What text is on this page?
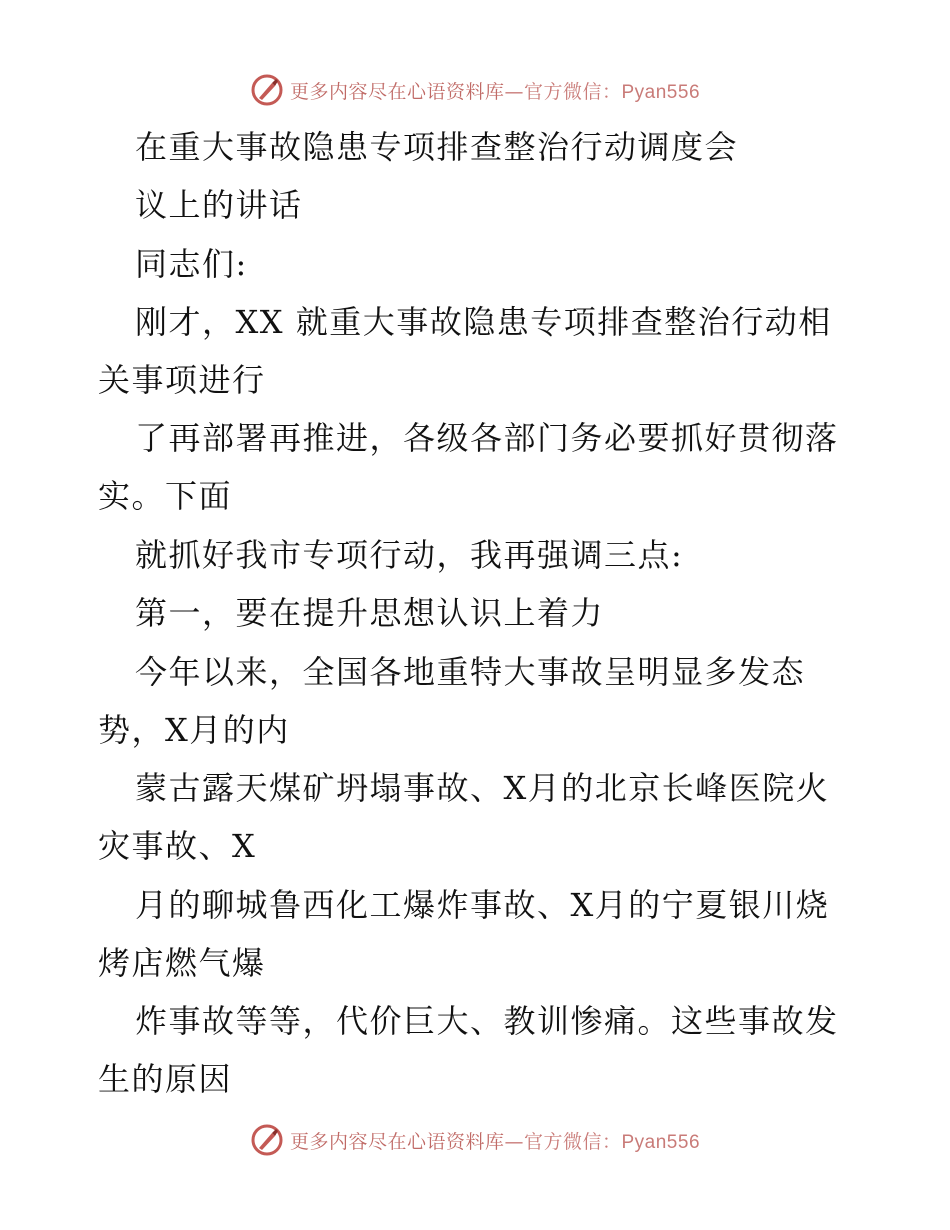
更多内容尽在心语资料库—官方微信：Pyan556
在重大事故隐患专项排查整治行动调度会
议上的讲话
同志们:
刚才，XX 就重大事故隐患专项排查整治行动相
关事项进行
了再部署再推进，各级各部门务必要抓好贯彻落
实。下面
就抓好我市专项行动，我再强调三点:
第一，要在提升思想认识上着力
今年以来，全国各地重特大事故呈明显多发态
势，X月的内
蒙古露天煤矿坍塌事故、X月的北京长峰医院火
灾事故、X
月的聊城鲁西化工爆炸事故、X月的宁夏银川烧
烤店燃气爆
炸事故等等，代价巨大、教训惨痛。这些事故发
生的原因
更多内容尽在心语资料库—官方微信：Pyan556
